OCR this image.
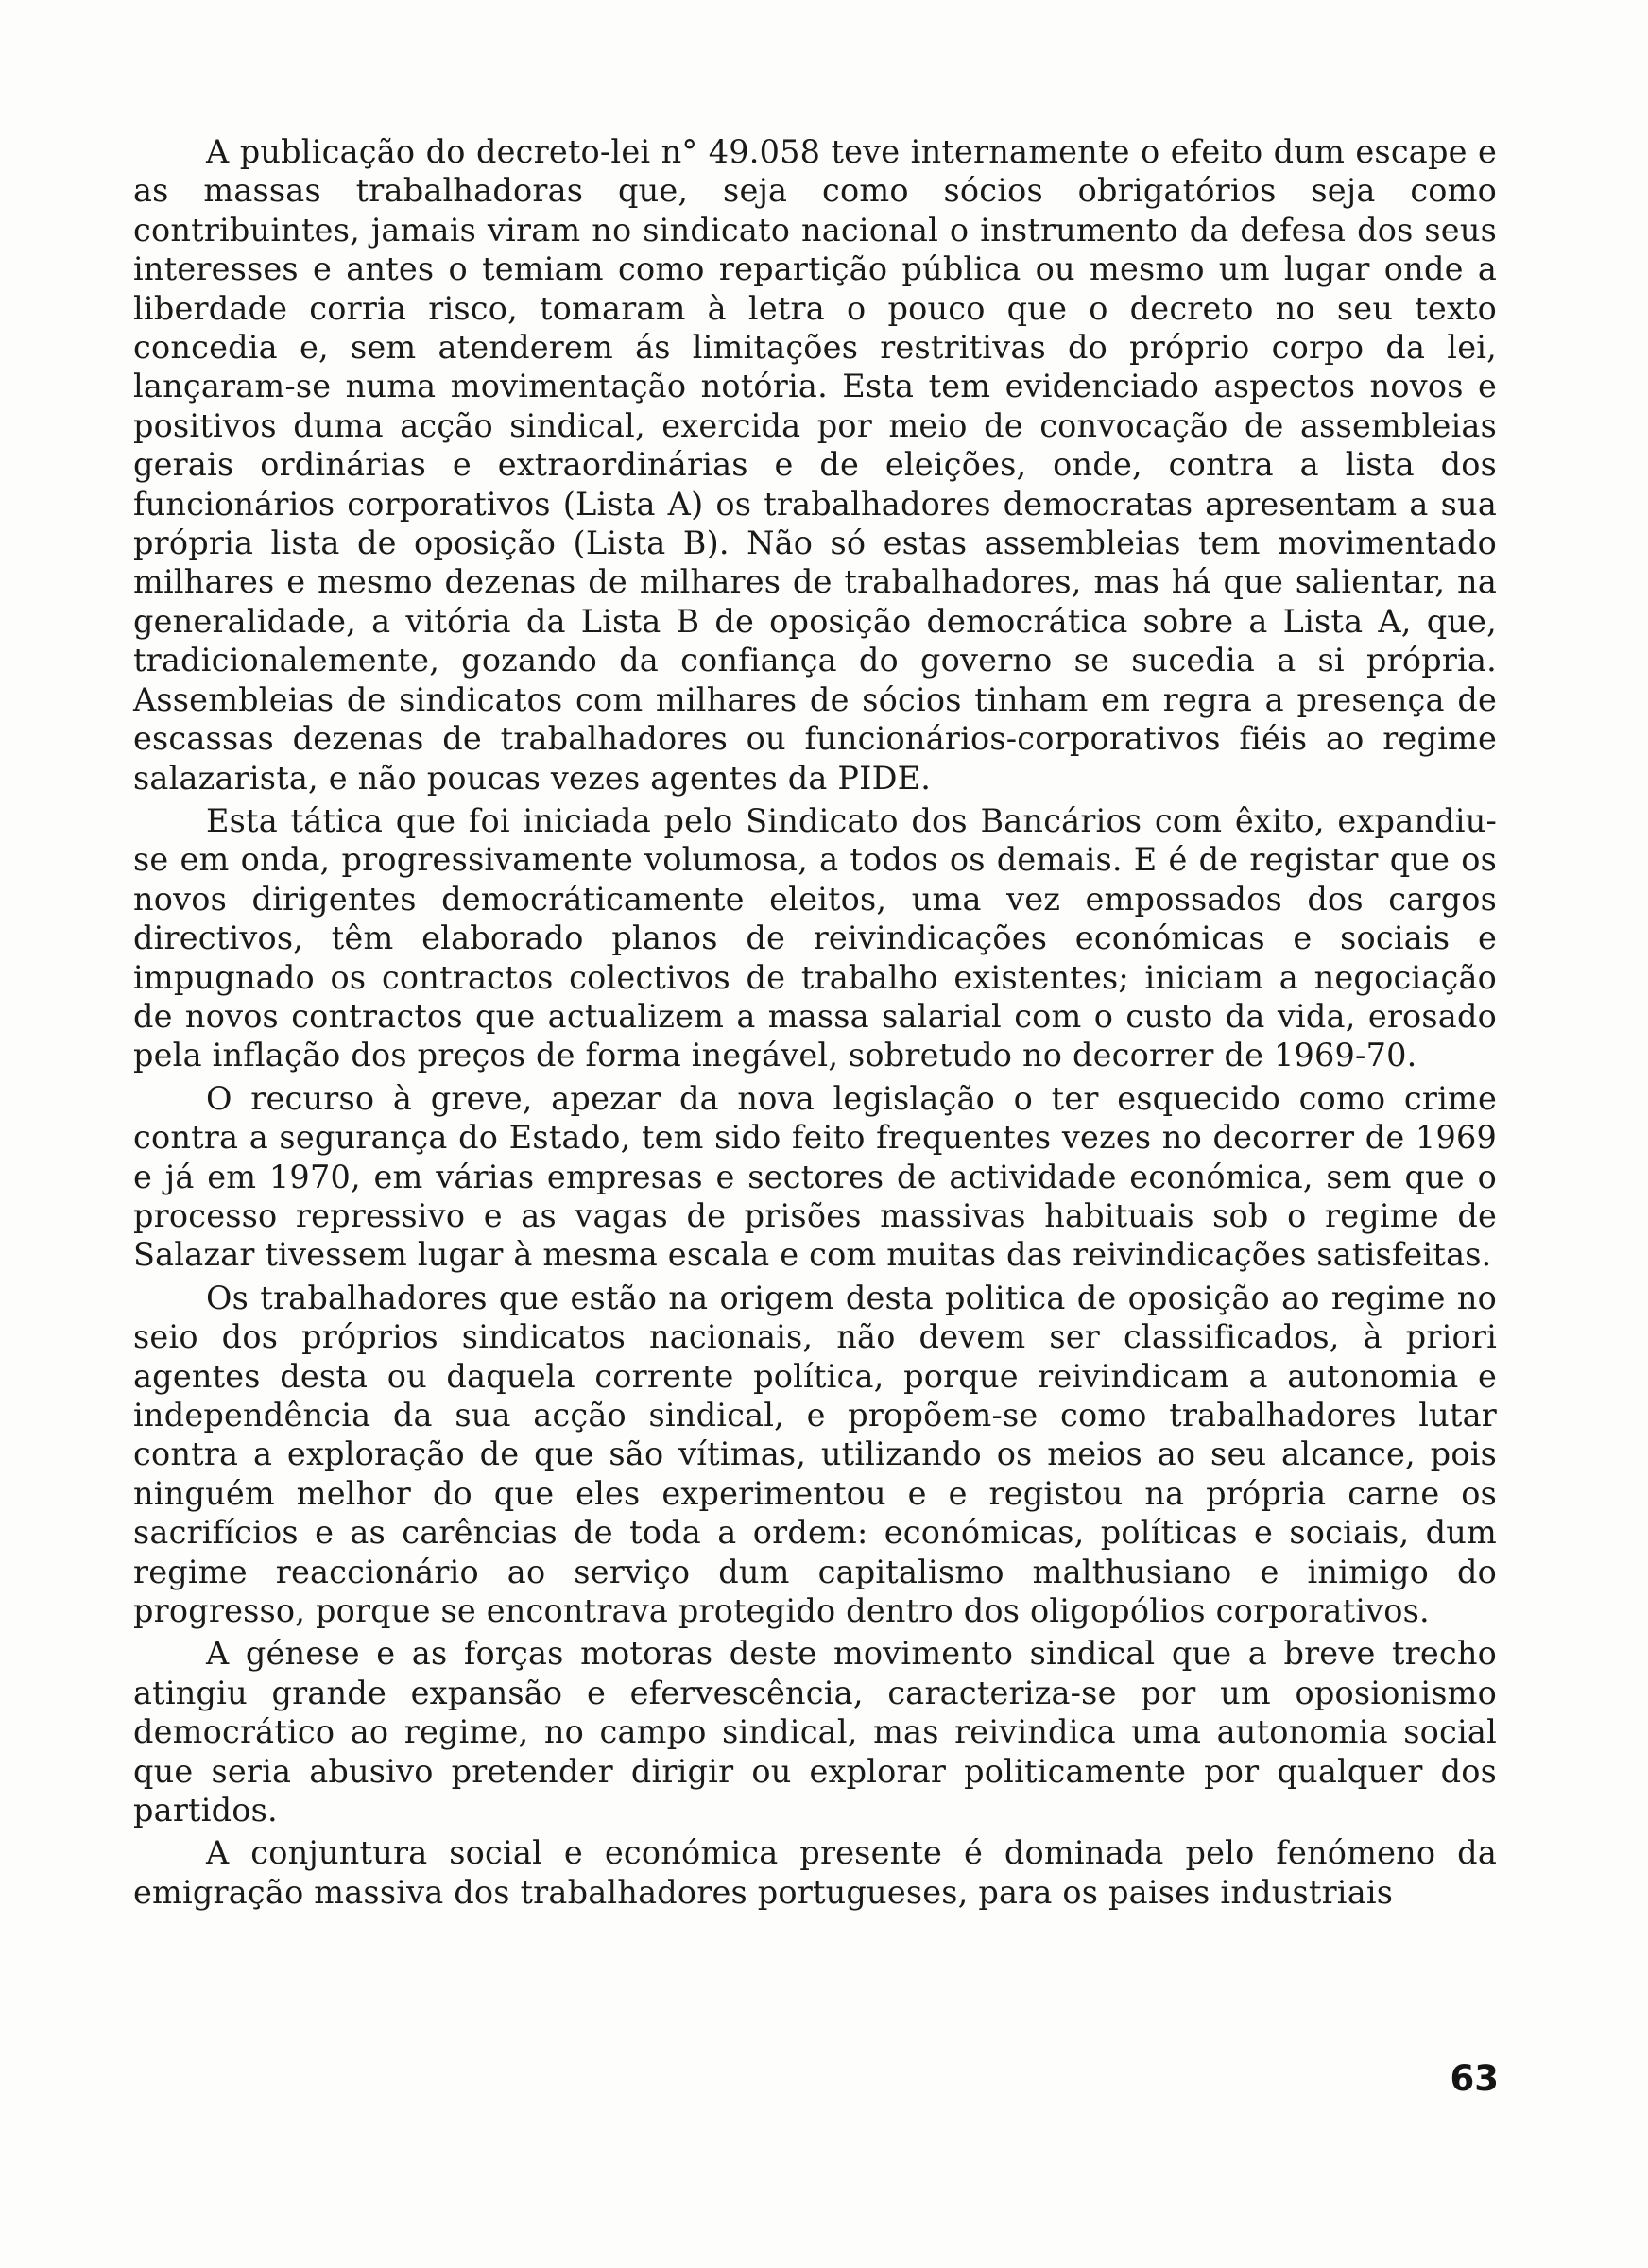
A publicação do decreto-lei n° 49.058 teve internamente o efeito dum escape e as massas trabalhadoras que, seja como sócios obrigatórios seja como contribuintes, jamais viram no sindicato nacional o instrumento da defesa dos seus interesses e antes o temiam como repartição pública ou mesmo um lugar onde a liberdade corria risco, tomaram à letra o pouco que o decreto no seu texto concedia e, sem atenderem ás limitações restritivas do próprio corpo da lei, lançaram-se numa movimentação notória. Esta tem evidenciado aspectos novos e positivos duma acção sindical, exercida por meio de convocação de assembleias gerais ordinárias e extraordinárias e de eleições, onde, contra a lista dos funcionários corporativos (Lista A) os trabalhadores democratas apresentam a sua própria lista de oposição (Lista B). Não só estas assembleias tem movimentado milhares e mesmo dezenas de milhares de trabalhadores, mas há que salientar, na generalidade, a vitória da Lista B de oposição democrática sobre a Lista A, que, tradicionalemente, gozando da confiança do governo se sucedia a si própria. Assembleias de sindicatos com milhares de sócios tinham em regra a presença de escassas dezenas de trabalhadores ou funcionários-corporativos fiéis ao regime salazarista, e não poucas vezes agentes da PIDE.

Esta tática que foi iniciada pelo Sindicato dos Bancários com êxito, expandiu-se em onda, progressivamente volumosa, a todos os demais. E é de registar que os novos dirigentes democráticamente eleitos, uma vez empossados dos cargos directivos, têm elaborado planos de reivindicações económicas e sociais e impugnado os contractos colectivos de trabalho existentes; iniciam a negociação de novos contractos que actualizem a massa salarial com o custo da vida, erosado pela inflação dos preços de forma inegável, sobretudo no decorrer de 1969-70.

O recurso à greve, apezar da nova legislação o ter esquecido como crime contra a segurança do Estado, tem sido feito frequentes vezes no decorrer de 1969 e já em 1970, em várias empresas e sectores de actividade económica, sem que o processo repressivo e as vagas de prisões massivas habituais sob o regime de Salazar tivessem lugar à mesma escala e com muitas das reivindicações satisfeitas.

Os trabalhadores que estão na origem desta politica de oposição ao regime no seio dos próprios sindicatos nacionais, não devem ser classificados, à priori agentes desta ou daquela corrente política, porque reivindicam a autonomia e independência da sua acção sindical, e propõem-se como trabalhadores lutar contra a exploração de que são vítimas, utilizando os meios ao seu alcance, pois ninguém melhor do que eles experimentou e e registou na própria carne os sacrifícios e as carências de toda a ordem: económicas, políticas e sociais, dum regime reaccionário ao serviço dum capitalismo malthusiano e inimigo do progresso, porque se encontrava protegido dentro dos oligopólios corporativos.

A génese e as forças motoras deste movimento sindical que a breve trecho atingiu grande expansão e efervescência, caracteriza-se por um oposionismo democrático ao regime, no campo sindical, mas reivindica uma autonomia social que seria abusivo pretender dirigir ou explorar politicamente por qualquer dos partidos.

A conjuntura social e económica presente é dominada pelo fenómeno da emigração massiva dos trabalhadores portugueses, para os paises industriais

63
